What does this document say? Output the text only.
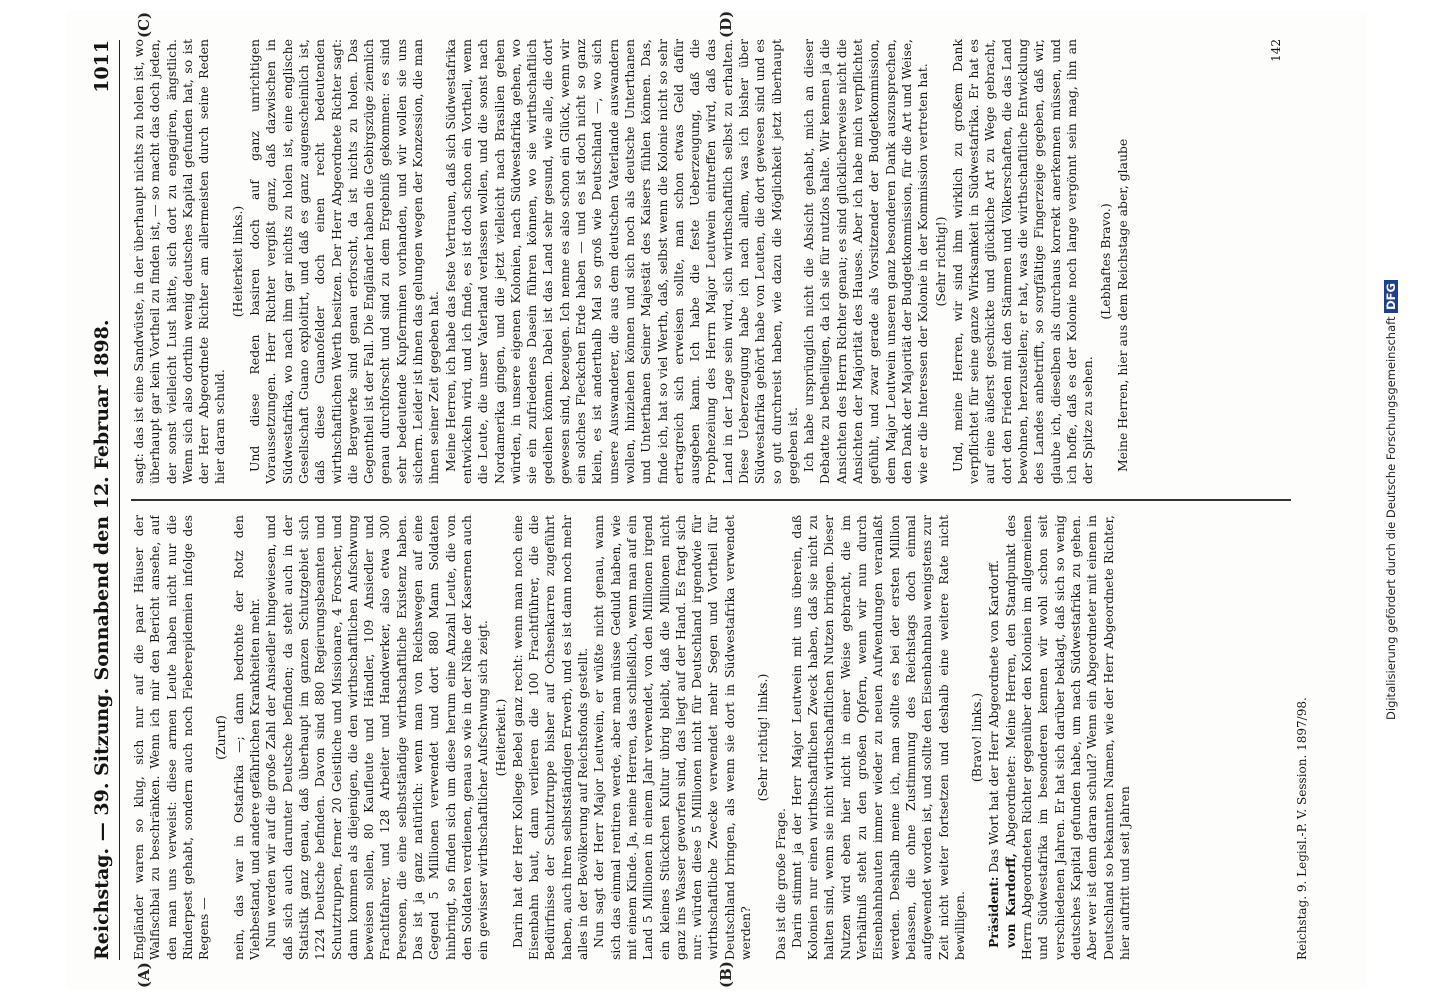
Reichstag. — 39. Sitzung.
Sonnabend den 12. Februar 1898.
1011
(A)	(B)
(C)	(D)

Engländer waren so klug, sich nur auf die paar Häuser der Walfischbai zu beschränken. Wenn ich mir den Bericht ansehe, auf den man uns verweist: diese armen Leute haben nicht nur die Rinderpest gehabt, sondern auch noch Fieberepidemien infolge des Regens —

(Zuruf) nein, das war in Ostafrika —; dann bedrohte der Rotz den Viehbestand, und andere gefährlichen Krankheiten mehr. Nun werden wir auf die große Zahl der Ansiedler hingewiesen, und daß sich auch darunter Deutsche befinden; da steht auch in der Statistik ganz genau, daß überhaupt im ganzen Schutzgebiet sich 1224 Deutsche befinden. Davon sind 880 Regierungsbeamten und Schutztruppen, ferner 20 Geistliche und Missionare, 4 Forscher, und dann kommen als diejenigen, die den wirthschaftlichen Aufschwung beweisen sollen, 80 Kaufleute und Händler, 109 Ansiedler und Frachtfahrer, und 128 Arbeiter und Handwerker, also etwa 300 Personen, die eine selbstständige wirthschaftliche Existenz haben. Das ist ja ganz natürlich: wenn man von Reichswegen auf eine Gegend 5 Millionen verwendet und dort 880 Mann Soldaten hinbringt, so finden sich um diese herum eine Anzahl Leute, die von den Soldaten verdienen, genau so wie in der Nähe der Kasernen auch ein gewisser wirthschaftlicher Aufschwung sich zeigt. (Heiterkeit.) Darin hat der Herr Kollege Bebel ganz recht: wenn man noch eine Eisenbahn baut, dann verlieren die 100 Frachtführer, die die Bedürfnisse der Schutztruppe bisher auf Ochsenkarren zugeführt haben, auch ihren selbstständigen Erwerb, und es ist dann noch mehr alles in der Bevölkerung auf Reichsfonds gestellt. Nun sagt der Herr Major Leutwein, er wüßte nicht genau, wann sich das einmal rentiren werde, aber man müsse Geduld haben, wie mit einem Kinde. Ja, meine Herren, das schließlich, wenn man auf ein Land 5 Millionen in einem Jahr verwendet, von den Millionen irgend ein kleines Stückchen Kultur übrig bleibt, daß die Millionen nicht ganz ins Wasser geworfen sind, das liegt auf der Hand. Es fragt sich nur: würden diese 5 Millionen nicht für Deutschland irgendwie für wirthschaftliche Zwecke verwendet mehr Segen und Vortheil für Deutschland bringen, als wenn sie dort in Südwestafrika verwendet werden?

(Sehr richtig! links.)

Das ist die große Frage. Darin stimmt ja der Herr Major Leutwein mit uns überein, daß Kolonien nur einen wirthschaftlichen Zweck haben, daß sie nicht zu halten sind, wenn sie nicht wirthschaftlichen Nutzen bringen. Dieser Nutzen wird eben hier nicht in einer Weise gebracht, die im Verhältniß steht zu den großen Opfern, wenn wir nun durch Eisenbahnbauten immer wieder zu neuen Aufwendungen veranlaßt werden. Deshalb meine ich, man sollte es bei der ersten Million belassen, die ohne Zustimmung des Reichstags doch einmal aufgewendet worden ist, und sollte den Eisenbahnbau wenigstens zur Zeit nicht weiter fortsetzen und deshalb eine weitere Rate nicht bewilligen.

(Bravo! links.)

Präsident: Das Wort hat der Herr Abgeordnete von Kardorff.

von Kardorff, Abgeordneter: Meine Herren, den Standpunkt des Herrn Abgeordneten Richter gegenüber den Kolonien im allgemeinen und Südwestafrika im besonderen kennen wir wohl schon seit verschiedenen Jahren. Er hat sich darüber beklagt, daß sich so wenig deutsches Kapital gefunden habe, um nach Südwestafrika zu gehen. Aber wer ist denn daran schuld? Wenn ein Abgeordneter mit einem in Deutschland so bekannten Namen, wie der Herr Abgeordnete Richter, hier auftritt und seit Jahren

sagt: das ist eine Sandwüste, in der überhaupt nichts zu holen ist, wo überhaupt gar kein Vortheil zu finden ist, — so macht das doch jeden, der sonst vielleicht Lust hätte, sich dort zu engagiren, ängstlich. Wenn sich also dorthin wenig deutsches Kapital gefunden hat, so ist der Herr Abgeordnete Richter am allermeisten durch seine Reden hier daran schuld.

(Heiterkeit links.) Und diese Reden basiren doch auf ganz unrichtigen Voraussetzungen. Herr Richter vergißt ganz, daß dazwischen in Südwestafrika, wo nach ihm gar nichts zu holen ist, eine englische Gesellschaft Guano exploitirt, und daß es ganz augenscheinlich ist, daß diese Guanofelder doch einen recht bedeutenden wirthschaftlichen Werth besitzen. Der Herr Abgeordnete Richter sagt: die Bergwerke sind genau erforscht, da ist nichts zu holen. Das Gegentheil ist der Fall. Die Engländer haben die Gebirgszüge ziemlich genau durchforscht und sind zu dem Ergebniß gekommen: es sind sehr bedeutende Kupferminen vorhanden, und wir wollen sie uns sichern. Leider ist ihnen das gelungen wegen der Konzession, die man ihnen seiner Zeit gegeben hat. Meine Herren, ich habe das feste Vertrauen, daß sich Südwestafrika entwickeln wird, und ich finde, es ist doch schon ein Vortheil, wenn die Leute, die unser Vaterland verlassen wollen, und die sonst nach Nordamerika gingen, und die jetzt vielleicht nach Brasilien gehen würden, in unsere eigenen Kolonien, nach Südwestafrika gehen, wo sie ein zufriedenes Dasein führen können, wo sie wirthschaftlich gedeihen können. Dabei ist das Land sehr gesund, wie alle, die dort gewesen sind, bezeugen. Ich nenne es also schon ein Glück, wenn wir ein solches Fleckchen Erde haben — und es ist doch nicht so ganz klein, es ist anderthalb Mal so groß wie Deutschland —, wo sich unsere Auswanderer, die aus dem deutschen Vaterlande auswandern wollen, hinziehen können und sich noch als deutsche Unterthanen und Unterthanen Seiner Majestät des Kaisers fühlen können. Das, finde ich, hat so viel Werth, daß, selbst wenn die Kolonie nicht so sehr ertragreich sich erweisen sollte, man schon etwas Geld dafür ausgeben kann. Ich habe die feste Ueberzeugung, daß die Prophezeiung des Herrn Major Leutwein eintreffen wird, daß das Land in der Lage sein wird, sich wirthschaftlich selbst zu erhalten. Diese Ueberzeugung habe ich nach allem, was ich bisher über Südwestafrika gehört habe von Leuten, die dort gewesen sind und es so gut durchreist haben, wie dazu die Möglichkeit jetzt überhaupt gegeben ist. Ich habe ursprünglich nicht die Absicht gehabt, mich an dieser Debatte zu betheiligen, da ich sie für nutzlos halte. Wir kennen ja die Ansichten des Herrn Richter genau; es sind glücklicherweise nicht die Ansichten der Majorität des Hauses. Aber ich habe mich verpflichtet gefühlt, und zwar gerade als Vorsitzender der Budgetkommission, dem Major Leutwein unseren ganz besonderen Dank auszusprechen, den Dank der Majorität der Budgetkommission, für die Art und Weise, wie er die Interessen der Kolonie in der Kommission vertreten hat. (Sehr richtig!) Und, meine Herren, wir sind ihm wirklich zu großem Dank verpflichtet für seine ganze Wirksamkeit in Südwestafrika. Er hat es auf eine äußerst geschickte und glückliche Art zu Wege gebracht, dort den Frieden mit den Stämmen und Völkerschaften, die das Land bewohnen, herzustellen; er hat, was die wirthschaftliche Entwicklung des Landes anbetrifft, so sorgfältige Fingerzeige gegeben, daß wir, glaube ich, dieselben als durchaus korrekt anerkennen müssen, und ich hoffe, daß es der Kolonie noch lange vergönnt sein mag, ihn an der Spitze zu sehen.

(Lebhaftes Bravo.) Meine Herren, hier aus dem Reichstage aber, glaube

Reichstag. 9. Legisl.-P. V. Session. 1897/98.
142
Digitalisierung gefördert durch die Deutsche Forschungsgemeinschaft DFG
